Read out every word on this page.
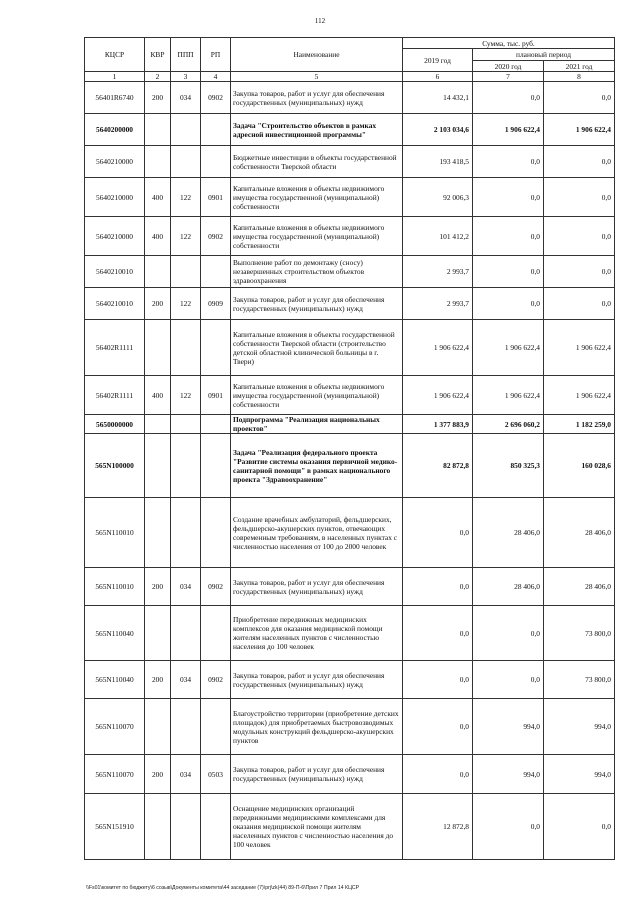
112
КЦСР	КВР	ППП	РП	Наименование	Сумма, тыс. руб.		
					2019 год	плановый период	
						2020 год	2021 год
1	2	3	4	5	6	7	8
56401R6740	200	034	0902	Закупка товаров, работ и услуг для обеспечения государственных (муниципальных) нужд	14 432,1	0,0	0,0
5640200000				Задача "Строительство объектов в рамках адресной инвестиционной программы"	2 103 034,6	1 906 622,4	1 906 622,4
5640210000				Бюджетные инвестиции в объекты государственной собственности Тверской области	193 418,5	0,0	0,0
5640210000	400	122	0901	Капитальные вложения в объекты недвижимого имущества государственной (муниципальной) собственности	92 006,3	0,0	0,0
5640210000	400	122	0902	Капитальные вложения в объекты недвижимого имущества государственной (муниципальной) собственности	101 412,2	0,0	0,0
5640210010				Выполнение работ по демонтажу (сносу) незавершенных строительством объектов здравоохранения	2 993,7	0,0	0,0
5640210010	200	122	0909	Закупка товаров, работ и услуг для обеспечения государственных (муниципальных) нужд	2 993,7	0,0	0,0
56402R1111				Капитальные вложения в объекты государственной собственности Тверской области (строительство детской областной клинической больницы в г. Твери)	1 906 622,4	1 906 622,4	1 906 622,4
56402R1111	400	122	0901	Капитальные вложения в объекты недвижимого имущества государственной (муниципальной) собственности	1 906 622,4	1 906 622,4	1 906 622,4
5650000000				Подпрограмма "Реализация национальных проектов"	1 377 883,9	2 696 060,2	1 182 259,0
565N100000				Задача "Реализация федерального проекта "Развитие системы оказания первичной медико-санитарной помощи" в рамках национального проекта "Здравоохранение"	82 872,8	850 325,3	160 028,6
565N110010				Создание врачебных амбулаторий, фельдшерских, фельдшерско-акушерских пунктов, отвечающих современным требованиям, в населенных пунктах с численностью населения от 100 до 2000 человек	0,0	28 406,0	28 406,0
565N110010	200	034	0902	Закупка товаров, работ и услуг для обеспечения государственных (муниципальных) нужд	0,0	28 406,0	28 406,0
565N110040				Приобретение передвижных медицинских комплексов для оказания медицинской помощи жителям населенных пунктов с численностью населения до 100 человек	0,0	0,0	73 800,0
565N110040	200	034	0902	Закупка товаров, работ и услуг для обеспечения государственных (муниципальных) нужд	0,0	0,0	73 800,0
565N110070				Благоустройство территории (приобретение детских площадок) для приобретаемых быстровозводимых модульных конструкций фельдшерско-акушерских пунктов	0,0	994,0	994,0
565N110070	200	034	0503	Закупка товаров, работ и услуг для обеспечения государственных (муниципальных) нужд	0,0	994,0	994,0
565N151910				Оснащение медицинских организаций передвижными медицинскими комплексами для оказания медицинской помощи жителям населенных пунктов с численностью населения до 100 человек	12 872,8	0,0	0,0
\\Fs01\комитет по бюджету\6 созыв\Документы комитета\44 заседание (7)\prj\zk(44) 89-П-6\Прил 7 Прил 14 КЦСР
